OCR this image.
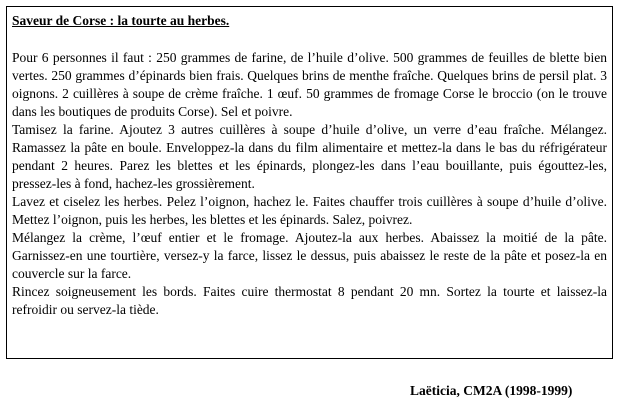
Saveur de Corse : la tourte au herbes.

Pour 6 personnes il faut : 250 grammes de farine, de l’huile d’olive. 500 grammes de feuilles de blette bien vertes. 250 grammes d’épinards bien frais. Quelques brins de menthe fraîche. Quelques brins de persil plat. 3 oignons. 2 cuillères à soupe de crème fraîche. 1 œuf. 50 grammes de fromage Corse le broccio (on le trouve dans les boutiques de produits Corse). Sel et poivre.

Tamisez la farine. Ajoutez 3 autres cuillères à soupe d’huile d’olive, un verre d’eau fraîche. Mélangez. Ramassez la pâte en boule. Enveloppez-la dans du film alimentaire et mettez-la dans le bas du réfrigérateur pendant 2 heures. Parez les blettes et les épinards, plongez-les dans l’eau bouillante, puis égouttez-les, pressez-les à fond, hachez-les grossièrement.

Lavez et ciselez les herbes. Pelez l’oignon, hachez le. Faites chauffer trois cuillères à soupe d’huile d’olive. Mettez l’oignon, puis les herbes, les blettes et les épinards. Salez, poivrez.

Mélangez la crème, l’œuf entier et le fromage. Ajoutez-la aux herbes. Abaissez la moitié de la pâte. Garnissez-en une tourtière, versez-y la farce, lissez le dessus, puis abaissez le reste de la pâte et posez-la en couvercle sur la farce.

Rincez soigneusement les bords. Faites cuire thermostat 8 pendant 20 mn. Sortez la tourte et laissez-la refroidir ou servez-la tiède.

Laëticia, CM2A (1998-1999)
